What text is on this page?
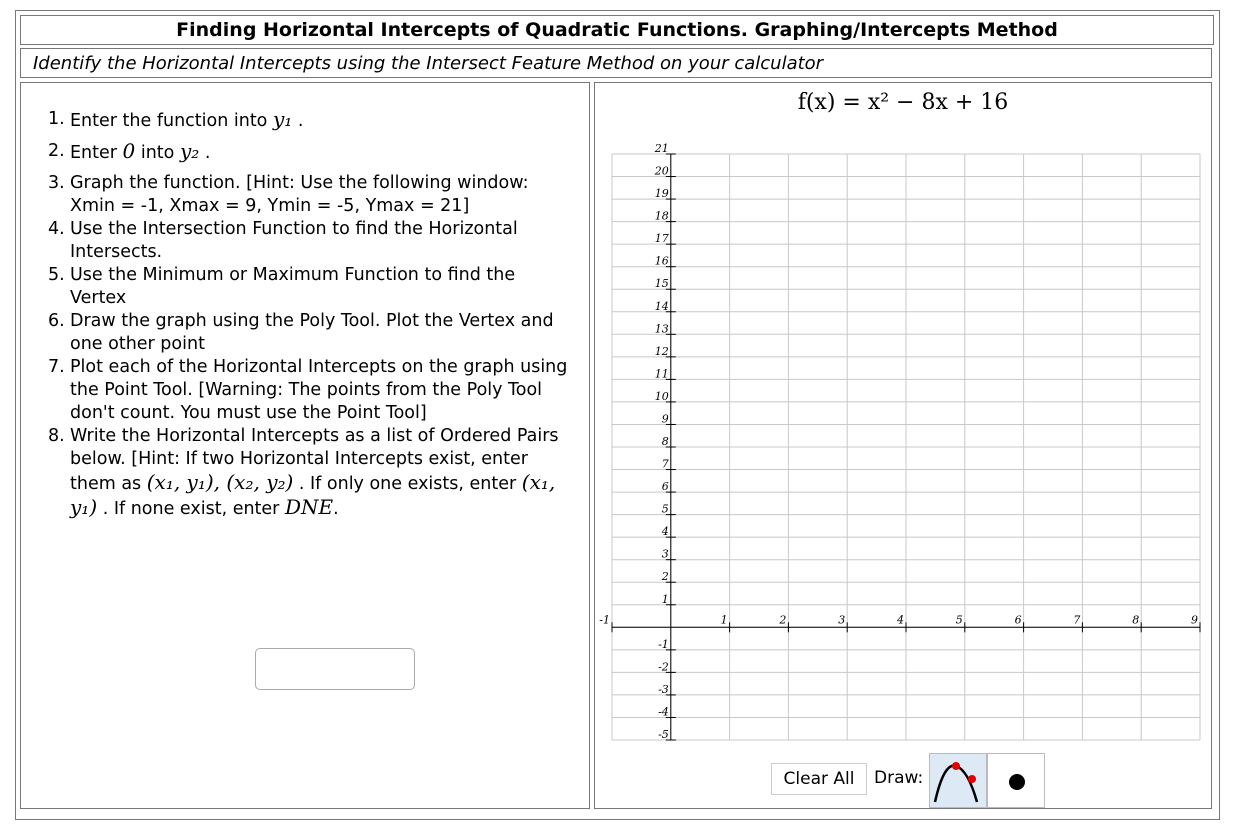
Finding Horizontal Intercepts of Quadratic Functions. Graphing/Intercepts Method
Identify the Horizontal Intercepts using the Intersect Feature Method on your calculator
1. Enter the function into y₁ .
2. Enter 0 into y₂ .
3. Graph the function. [Hint: Use the following window: Xmin = -1, Xmax = 9, Ymin = -5, Ymax = 21]
4. Use the Intersection Function to find the Horizontal Intersects.
5. Use the Minimum or Maximum Function to find the Vertex
6. Draw the graph using the Poly Tool. Plot the Vertex and one other point
7. Plot each of the Horizontal Intercepts on the graph using the Point Tool. [Warning: The points from the Poly Tool don't count. You must use the Point Tool]
8. Write the Horizontal Intercepts as a list of Ordered Pairs below. [Hint: If two Horizontal Intercepts exist, enter them as (x₁, y₁), (x₂, y₂) . If only one exists, enter (x₁, y₁) . If none exist, enter DNE.
f(x) = x² − 8x + 16
-1	1	2	3	4	5	6	7	8	9
21
20
19
18
17
16
15
14
13
12
11
10
9
8
7
6
5
4
3
2
1
-1
-2
-3
-4
-5
Clear All	Draw:
